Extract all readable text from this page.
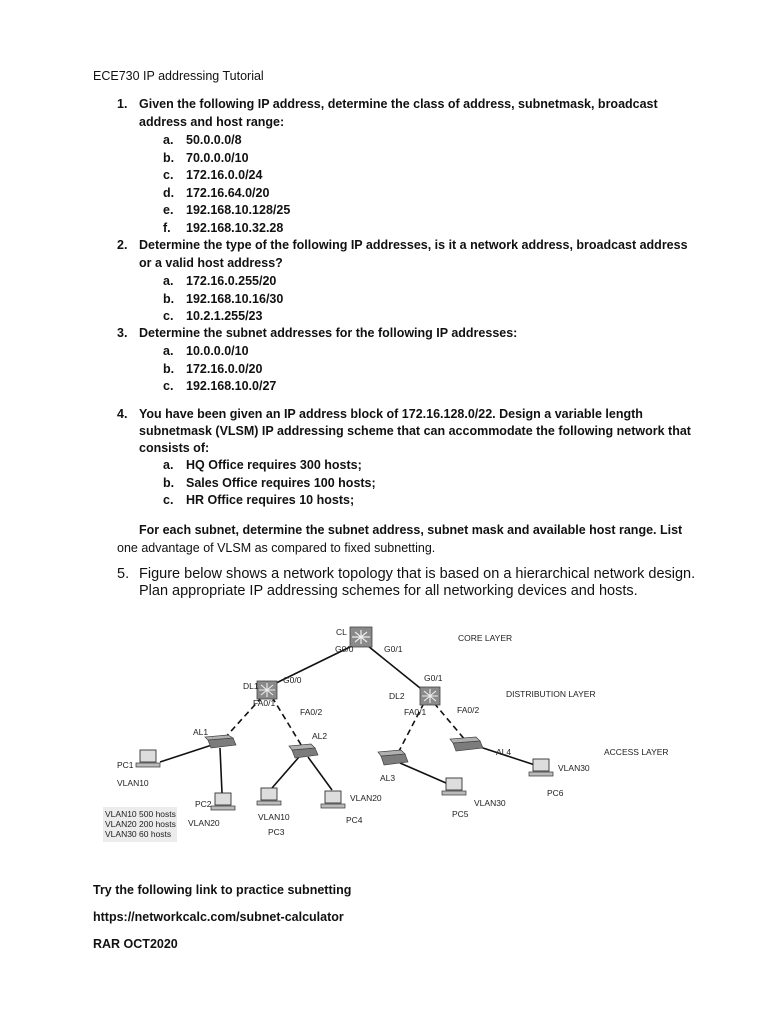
ECE730 IP addressing Tutorial
1. Given the following IP address, determine the class of address, subnetmask, broadcast
address and host range:
a. 50.0.0.0/8
b. 70.0.0.0/10
c. 172.16.0.0/24
d. 172.16.64.0/20
e. 192.168.10.128/25
f. 192.168.10.32.28
2. Determine the type of the following IP addresses, is it a network address, broadcast address
or a valid host address?
a. 172.16.0.255/20
b. 192.168.10.16/30
c. 10.2.1.255/23
3. Determine the subnet addresses for the following IP addresses:
a. 10.0.0.0/10
b. 172.16.0.0/20
c. 192.168.10.0/27
4. You have been given an IP address block of 172.16.128.0/22. Design a variable length
subnetmask (VLSM) IP addressing scheme that can accommodate the following network that
consists of:
a. HQ Office requires 300 hosts;
b. Sales Office requires 100 hosts;
c. HR Office requires 10 hosts;
For each subnet, determine the subnet address, subnet mask and available host range. List
one advantage of VLSM as compared to fixed subnetting.
5. Figure below shows a network topology that is based on a hierarchical network design.
Plan appropriate IP addressing schemes for all networking devices and hosts.
CORE LAYER
DISTRIBUTION LAYER
ACCESS LAYER
CL
G0/0	G0/1
DL1
G0/0
FA0/1
FA0/2
DL2
G0/1
FA0/1	FA0/2
AL1	AL2
AL3
AL4
PC1
VLAN10
PC2
VLAN20
VLAN10
PC3
VLAN20
PC4
VLAN30
PC5
VLAN30
PC6
VLAN10 500 hosts
VLAN20 200 hosts
VLAN30 60 hosts
Try the following link to practice subnetting
https://networkcalc.com/subnet-calculator
RAR OCT2020
